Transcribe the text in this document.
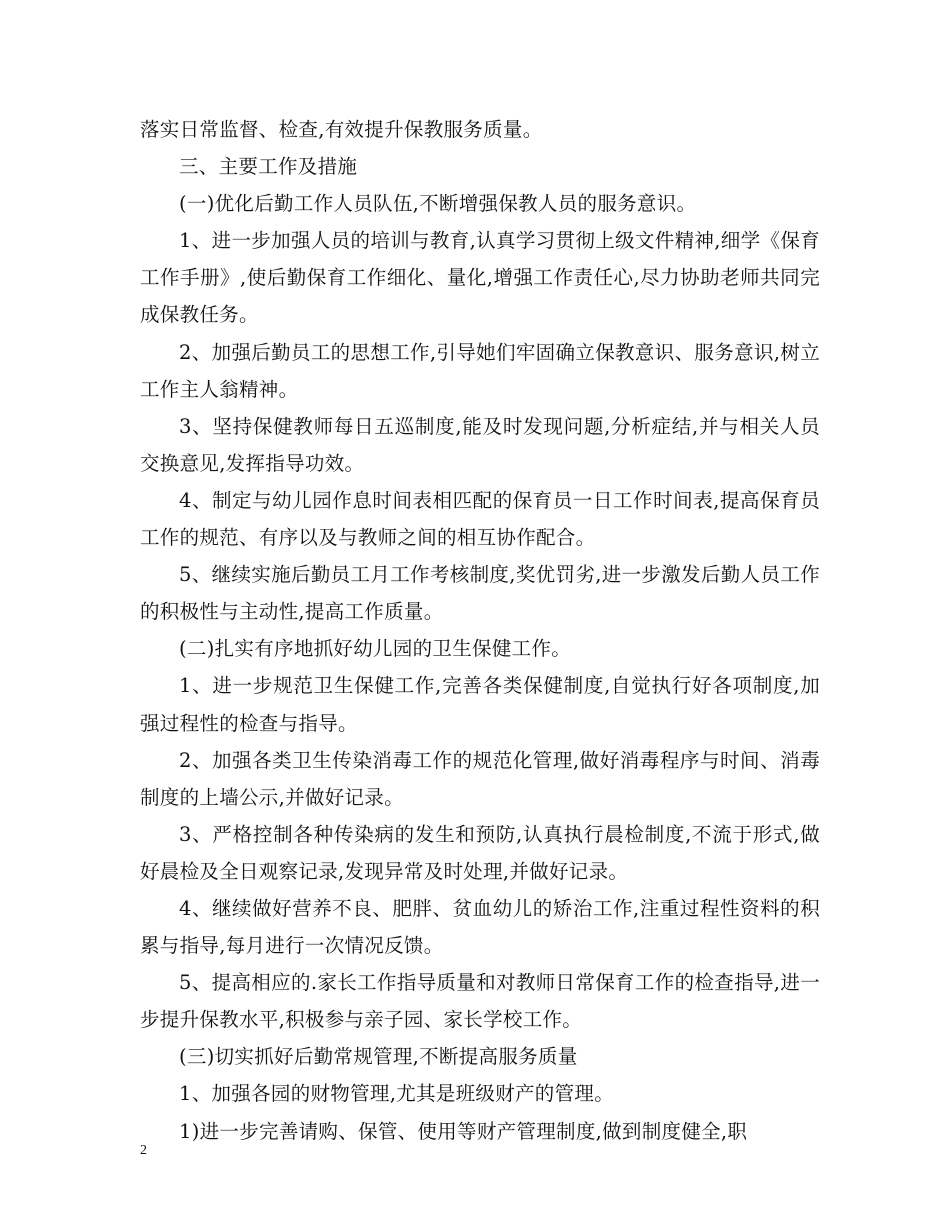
落实日常监督、检查,有效提升保教服务质量。

三、主要工作及措施

(一)优化后勤工作人员队伍,不断增强保教人员的服务意识。

1、进一步加强人员的培训与教育,认真学习贯彻上级文件精神,细学《保育工作手册》,使后勤保育工作细化、量化,增强工作责任心,尽力协助老师共同完成保教任务。

2、加强后勤员工的思想工作,引导她们牢固确立保教意识、服务意识,树立工作主人翁精神。

3、坚持保健教师每日五巡制度,能及时发现问题,分析症结,并与相关人员交换意见,发挥指导功效。

4、制定与幼儿园作息时间表相匹配的保育员一日工作时间表,提高保育员工作的规范、有序以及与教师之间的相互协作配合。

5、继续实施后勤员工月工作考核制度,奖优罚劣,进一步激发后勤人员工作的积极性与主动性,提高工作质量。

(二)扎实有序地抓好幼儿园的卫生保健工作。

1、进一步规范卫生保健工作,完善各类保健制度,自觉执行好各项制度,加强过程性的检查与指导。

2、加强各类卫生传染消毒工作的规范化管理,做好消毒程序与时间、消毒制度的上墙公示,并做好记录。

3、严格控制各种传染病的发生和预防,认真执行晨检制度,不流于形式,做好晨检及全日观察记录,发现异常及时处理,并做好记录。

4、继续做好营养不良、肥胖、贫血幼儿的矫治工作,注重过程性资料的积累与指导,每月进行一次情况反馈。

5、提高相应的.家长工作指导质量和对教师日常保育工作的检查指导,进一步提升保教水平,积极参与亲子园、家长学校工作。

(三)切实抓好后勤常规管理,不断提高服务质量

1、加强各园的财物管理,尤其是班级财产的管理。

1)进一步完善请购、保管、使用等财产管理制度,做到制度健全,职

2
